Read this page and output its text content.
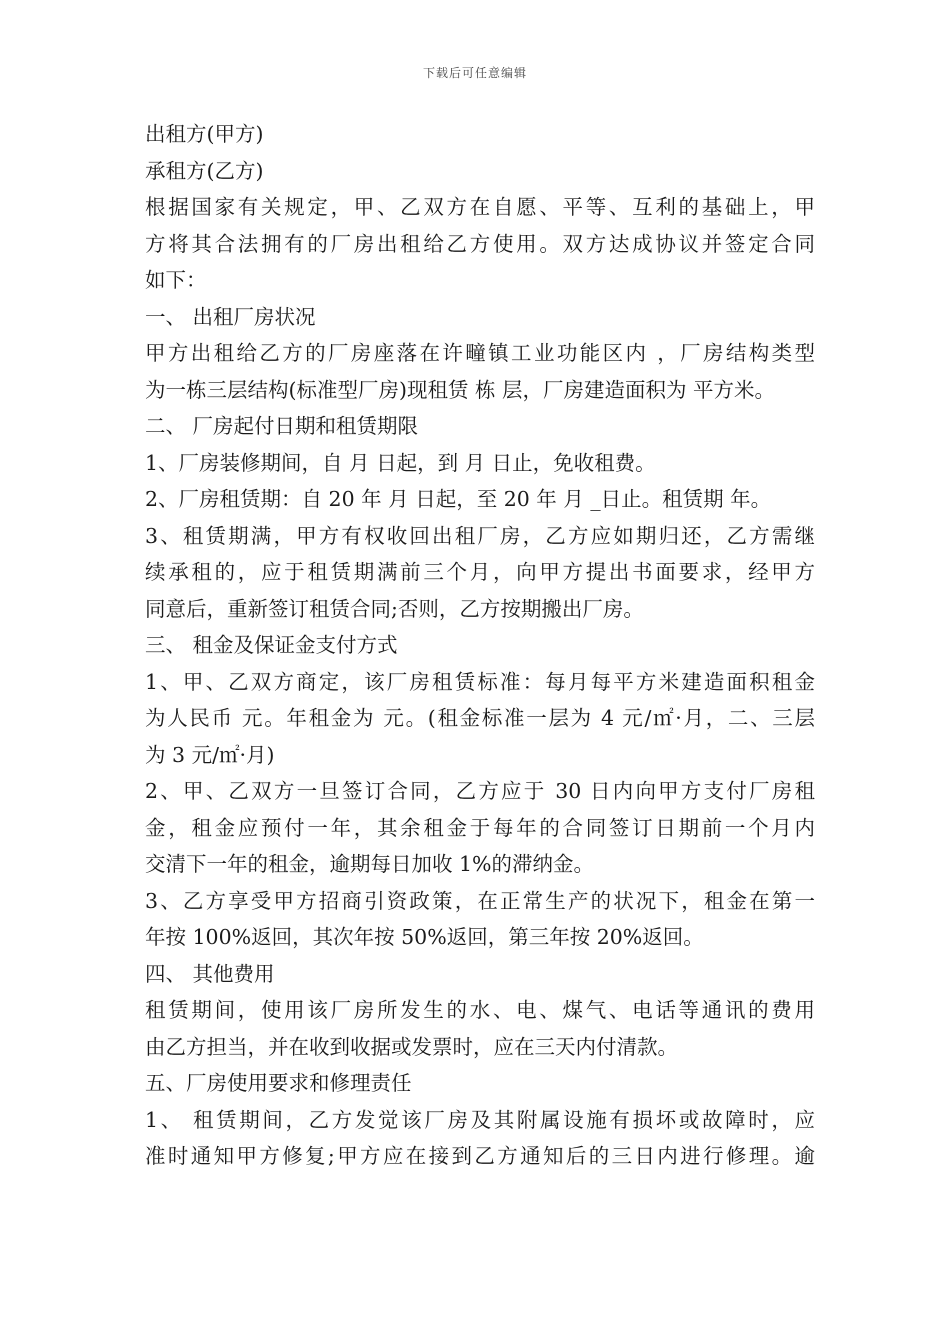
下载后可任意编辑
出租方(甲方)
承租方(乙方)
根据国家有关规定，甲、乙双方在自愿、平等、互利的基础上，甲
方将其合法拥有的厂房出租给乙方使用。双方达成协议并签定合同
如下：
一、 出租厂房状况
甲方出租给乙方的厂房座落在许疃镇工业功能区内 ，厂房结构类型
为一栋三层结构(标准型厂房)现租赁 栋 层，厂房建造面积为 平方米。
二、 厂房起付日期和租赁期限
1、厂房装修期间，自 月 日起，到 月 日止，免收租费。
2、厂房租赁期：自 20 年 月 日起，至 20 年 月 _日止。租赁期 年。
3、租赁期满，甲方有权收回出租厂房，乙方应如期归还，乙方需继
续承租的，应于租赁期满前三个月，向甲方提出书面要求，经甲方
同意后，重新签订租赁合同;否则，乙方按期搬出厂房。
三、 租金及保证金支付方式
1、甲、乙双方商定，该厂房租赁标准：每月每平方米建造面积租金
为人民币 元。年租金为 元。(租金标准一层为 4 元/㎡·月，二、三层
为 3 元/㎡·月)
2、甲、乙双方一旦签订合同，乙方应于 30 日内向甲方支付厂房租
金，租金应预付一年，其余租金于每年的合同签订日期前一个月内
交清下一年的租金，逾期每日加收 1%的滞纳金。
3、乙方享受甲方招商引资政策，在正常生产的状况下，租金在第一
年按 100%返回，其次年按 50%返回，第三年按 20%返回。
四、 其他费用
租赁期间，使用该厂房所发生的水、电、煤气、电话等通讯的费用
由乙方担当，并在收到收据或发票时，应在三天内付清款。
五、厂房使用要求和修理责任
1、 租赁期间，乙方发觉该厂房及其附属设施有损坏或故障时，应
准时通知甲方修复;甲方应在接到乙方通知后的三日内进行修理。逾
